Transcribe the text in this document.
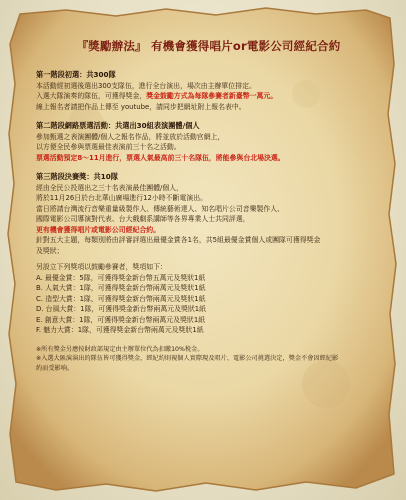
『獎勵辦法』 有機會獲得唱片or電影公司經紀合約

第一階段初選：共300隊

本活動經初選後選出300支隊伍，進行全台演出，場次由主辦單位排定。

入選大隊演奏的隊伍，可獲得獎金，獎金鼓勵方式為每隊參賽者新臺幣一萬元。

線上報名者請把作品上傳至 youtube，請同步把網址附上報名表中。

第二階段網路票選活動：共選出30組表演團體/個人

參加甄選之表演團體/個人之報名作品，將並放於活動官網上，

以方便全民參與票選最佳表演前三十名之活動。

票選活動預定8～11月進行，票選人氣最高前三十名隊伍，將能參與台北場決選。

第三階段決賽獎：共10隊

經由全民公投選出之三十名表演最佳團體/個人，

將於11月26日於台北華山廣場進行12小時不斷電演出。

當日將請台灣流行音樂重量級製作人、傳統藝術達人、知名唱片公司音樂製作人、

國際電影公司導演對代表、台大戲劇系講師等各界專業人士共同評選，

更有機會獲得唱片或電影公司經紀合約。

針對五大主題，每類別將由評審評選出最優金賞各1名，共5組最優金賞個人或團隊可獲得獎金

及獎狀；

另設立下列獎項以鼓勵參賽者，獎項如下：

A. 最優金賞：5隊，可獲得獎金新台幣五萬元及獎狀1紙

B. 人氣大賞：1隊，可獲得獎金新台幣兩萬元及獎狀1紙

C. 造型大賞：1隊，可獲得獎金新台幣兩萬元及獎狀1紙

D. 台風大賞：1隊，可獲得獎金新台幣兩萬元及獎狀1紙

E. 創意大賞：1隊，可獲得獎金新台幣兩萬元及獎狀1紙

F. 魅力大賞：1隊，可獲得獎金新台幣兩萬元及獎狀1紙

※所有獎金另應按財政部規定由主辦單位代為扣繳10%稅金。

※入選大匯演演出的隊伍皆可獲得獎金，經紀約則視個人實際現及唱片、電影公司挑選決定，獎金不會因經紀影

約而受影响。
